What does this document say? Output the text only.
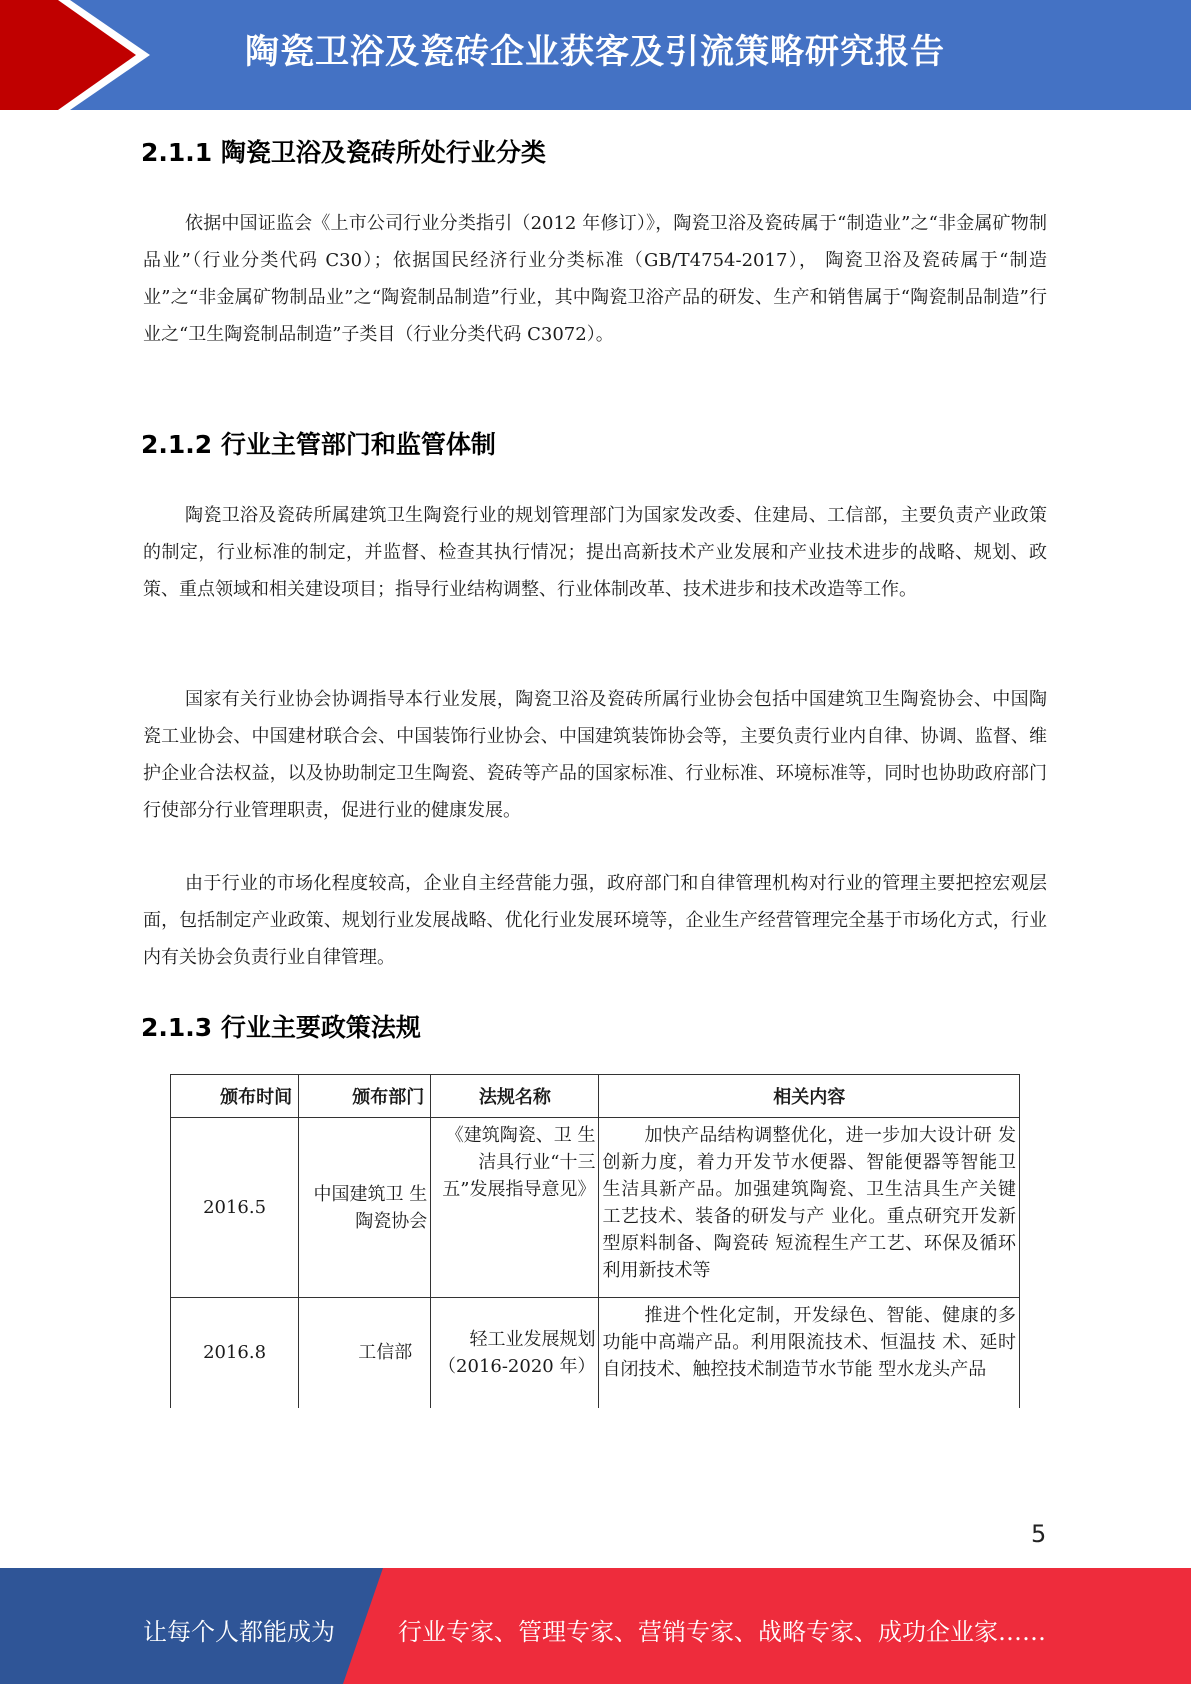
陶瓷卫浴及瓷砖企业获客及引流策略研究报告
2.1.1 陶瓷卫浴及瓷砖所处行业分类
依据中国证监会《上市公司行业分类指引（2012 年修订）》，陶瓷卫浴及瓷砖属于“制造业”之“非金属矿物制品业”（行业分类代码 C30）；依据国民经济行业分类标准（GB/T4754-2017）， 陶瓷卫浴及瓷砖属于“制造业”之“非金属矿物制品业”之“陶瓷制品制造”行业，其中陶瓷卫浴产品的研发、生产和销售属于“陶瓷制品制造”行业之“卫生陶瓷制品制造”子类目（行业分类代码 C3072）。
2.1.2 行业主管部门和监管体制
陶瓷卫浴及瓷砖所属建筑卫生陶瓷行业的规划管理部门为国家发改委、住建局、工信部，主要负责产业政策的制定，行业标准的制定，并监督、检查其执行情况；提出高新技术产业发展和产业技术进步的战略、规划、政策、重点领域和相关建设项目；指导行业结构调整、行业体制改革、技术进步和技术改造等工作。
国家有关行业协会协调指导本行业发展，陶瓷卫浴及瓷砖所属行业协会包括中国建筑卫生陶瓷协会、中国陶瓷工业协会、中国建材联合会、中国装饰行业协会、中国建筑装饰协会等，主要负责行业内自律、协调、监督、维护企业合法权益，以及协助制定卫生陶瓷、瓷砖等产品的国家标准、行业标准、环境标准等，同时也协助政府部门行使部分行业管理职责，促进行业的健康发展。
由于行业的市场化程度较高，企业自主经营能力强，政府部门和自律管理机构对行业的管理主要把控宏观层面，包括制定产业政策、规划行业发展战略、优化行业发展环境等，企业生产经营管理完全基于市场化方式，行业内有关协会负责行业自律管理。
2.1.3 行业主要政策法规
颁布时间	颁布部门	法规名称	相关内容
2016.5	中国建筑卫 生陶瓷协会	《建筑陶瓷、卫 生洁具行业“十三五”发展指导意见》	加快产品结构调整优化，进一步加大设计研 发创新力度，着力开发节水便器、智能便器等智能卫生洁具新产品。加强建筑陶瓷、卫生洁具生产关键工艺技术、装备的研发与产 业化。重点研究开发新型原料制备、陶瓷砖 短流程生产工艺、环保及循环利用新技术等
2016.8	工信部	轻工业发展规划（2016-2020 年）	推进个性化定制，开发绿色、智能、健康的多功能中高端产品。利用限流技术、恒温技 术、延时自闭技术、触控技术制造节水节能 型水龙头产品
5
让每个人都能成为	行业专家、管理专家、营销专家、战略专家、成功企业家……
